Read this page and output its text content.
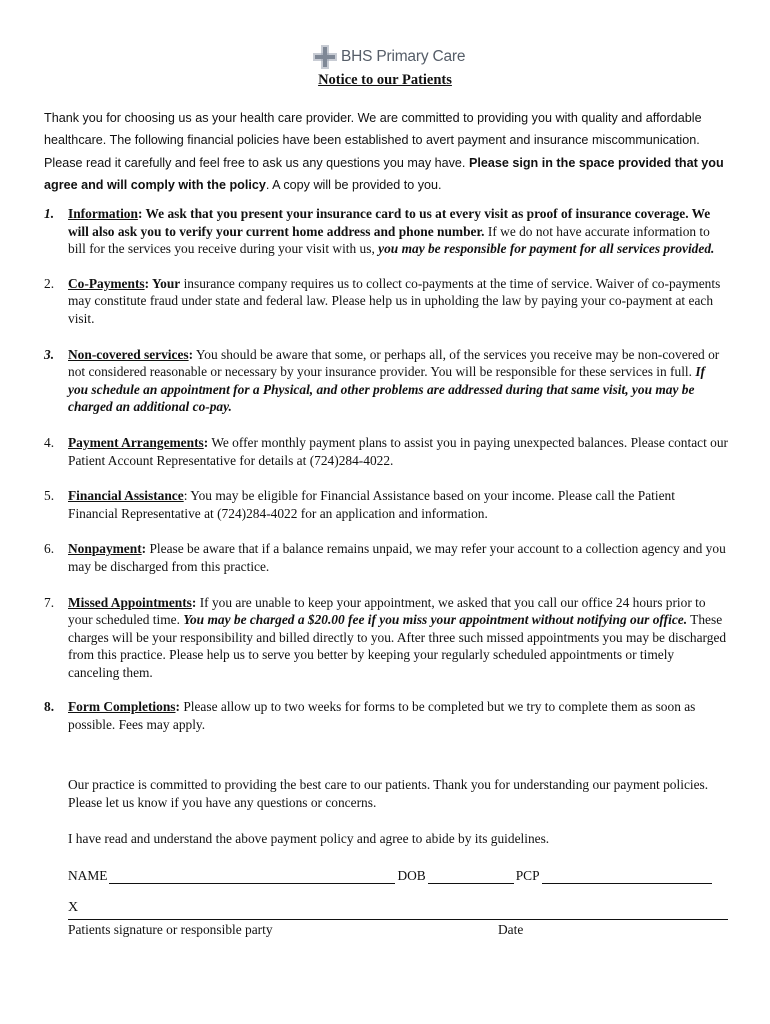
BHS Primary Care
Notice to our Patients
Thank you for choosing us as your health care provider. We are committed to providing you with quality and affordable healthcare. The following financial policies have been established to avert payment and insurance miscommunication. Please read it carefully and feel free to ask us any questions you may have. Please sign in the space provided that you agree and will comply with the policy. A copy will be provided to you.
1.	Information: We ask that you present your insurance card to us at every visit as proof of insurance coverage. We will also ask you to verify your current home address and phone number. If we do not have accurate information to bill for the services you receive during your visit with us, you may be responsible for payment for all services provided.
2.	Co-Payments: Your insurance company requires us to collect co-payments at the time of service. Waiver of co-payments may constitute fraud under state and federal law. Please help us in upholding the law by paying your co-payment at each visit.
3.	Non-covered services: You should be aware that some, or perhaps all, of the services you receive may be non-covered or not considered reasonable or necessary by your insurance provider. You will be responsible for these services in full. If you schedule an appointment for a Physical, and other problems are addressed during that same visit, you may be charged an additional co-pay.
4.	Payment Arrangements: We offer monthly payment plans to assist you in paying unexpected balances. Please contact our Patient Account Representative for details at (724)284-4022.
5.	Financial Assistance: You may be eligible for Financial Assistance based on your income. Please call the Patient Financial Representative at (724)284-4022 for an application and information.
6.	Nonpayment: Please be aware that if a balance remains unpaid, we may refer your account to a collection agency and you may be discharged from this practice.
7.	Missed Appointments: If you are unable to keep your appointment, we asked that you call our office 24 hours prior to your scheduled time. You may be charged a $20.00 fee if you miss your appointment without notifying our office. These charges will be your responsibility and billed directly to you. After three such missed appointments you may be discharged from this practice. Please help us to serve you better by keeping your regularly scheduled appointments or timely canceling them.
8.	Form Completions: Please allow up to two weeks for forms to be completed but we try to complete them as soon as possible. Fees may apply.
Our practice is committed to providing the best care to our patients. Thank you for understanding our payment policies. Please let us know if you have any questions or concerns.
I have read and understand the above payment policy and agree to abide by its guidelines.
NAME	DOB	PCP
X
Patients signature or responsible party	Date
